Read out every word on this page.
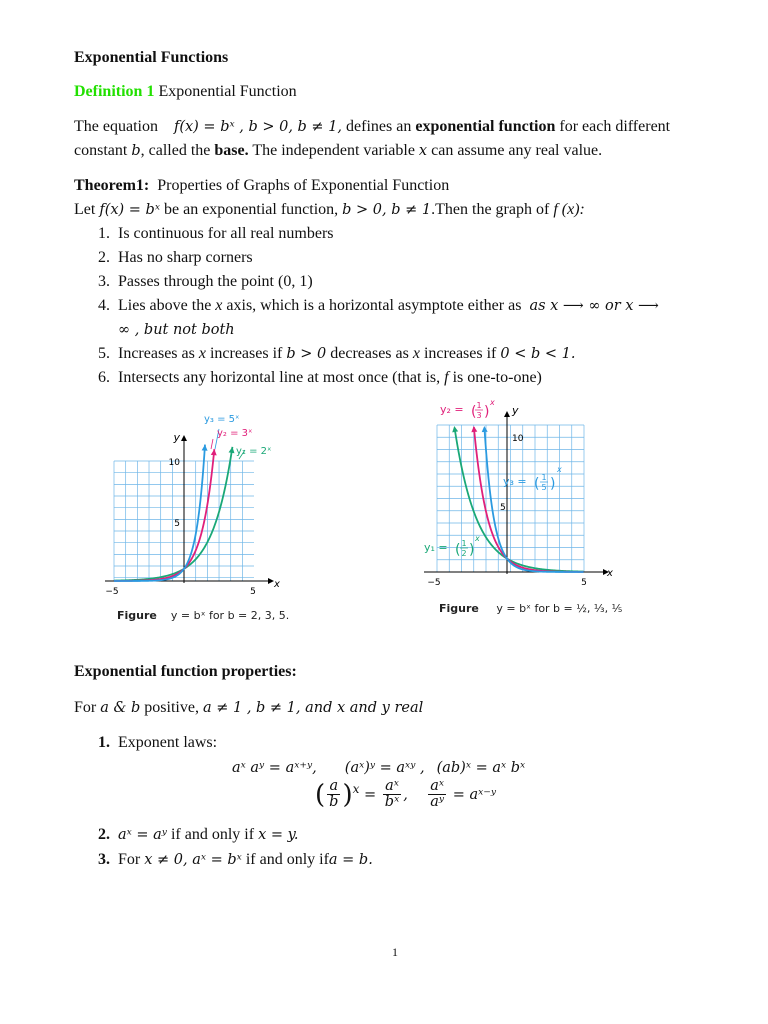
Exponential Functions
Definition 1 Exponential Function
The equation f(x) = bˣ , b > 0, b ≠ 1, defines an exponential function for each different
constant b, called the base. The independent variable x can assume any real value.
Theorem1: Properties of Graphs of Exponential Function
Let f(x) = bˣ be an exponential function, b > 0, b ≠ 1.Then the graph of f (x):
1. Is continuous for all real numbers
2. Has no sharp corners
3. Passes through the point (0, 1)
4. Lies above the x axis, which is a horizontal asymptote either as as x ⟶ ∞ or x ⟶
∞ , but not both
5. Increases as x increases if b > 0 decreases as x increases if 0 < b < 1.
6. Intersects any horizontal line at most once (that is, f is one-to-one)
y₃ = 5ˣ
y₂ = 3ˣ
y₁ = 2ˣ
y
x
10
5
−5	5
Figure y = bˣ for b = 2, 3, 5.
y
x
10
5
−5	5
y₂ = ( 1
3 )
x
y₃ = ( 1
5 )
x
y₁ = ( 1
2 )
x
Figure y = bˣ for b = ½, ⅓, ⅕
Exponential function properties:
For a & b positive, a ≠ 1 , b ≠ 1, and x and y real
1. Exponent laws:
aˣ aʸ = aˣ⁺ʸ, (aˣ)ʸ = aˣʸ , (ab)ˣ = aˣ bˣ
( $\frac{a}{b} )^x = \frac{\text{aˣ}}{\text{bˣ}}$ , $\frac{\text{aˣ}}{\text{aʸ}}$ = aˣ⁻ʸ
2. aˣ = aʸ if and only if x = y.
3. For x ≠ 0, aˣ = bˣ if and only ifa = b.
1
